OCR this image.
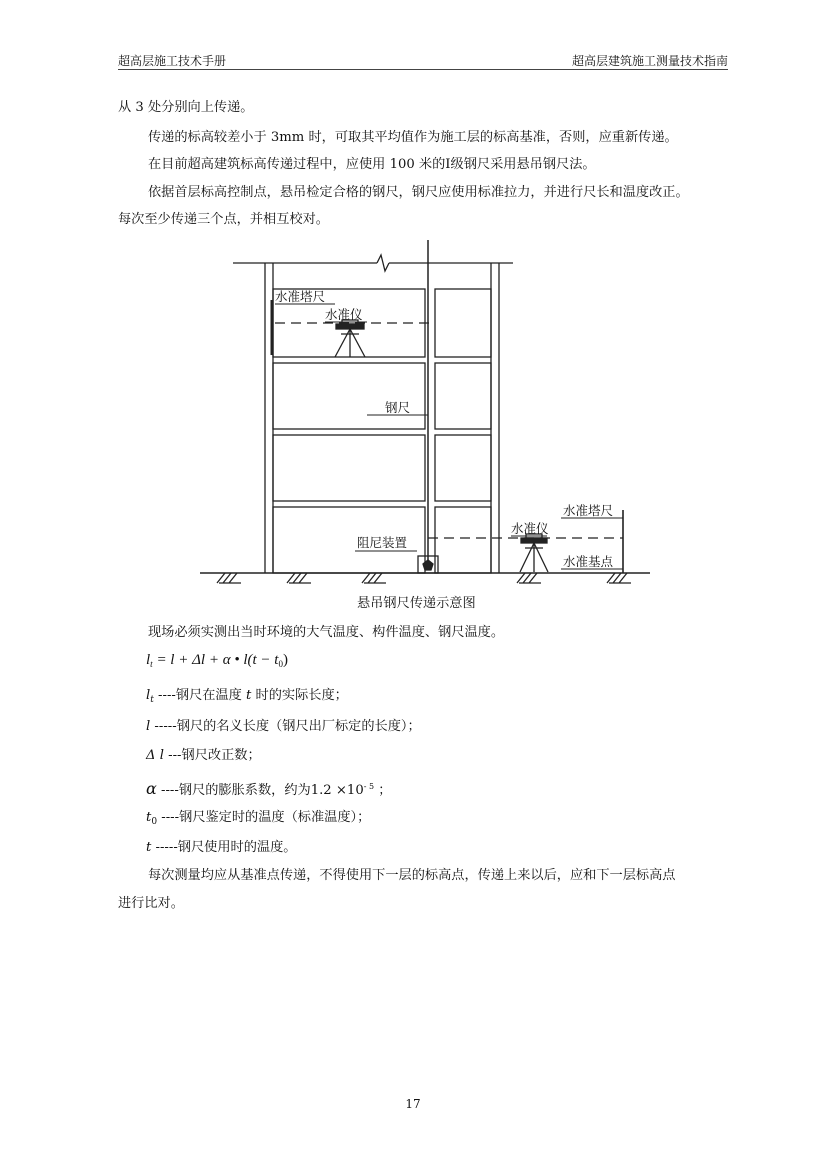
超高层施工技术手册	超高层建筑施工测量技术指南
从 3 处分别向上传递。
传递的标高较差小于 3mm 时，可取其平均值作为施工层的标高基准，否则，应重新传递。
在目前超高建筑标高传递过程中，应使用 100 米的Ⅰ级钢尺采用悬吊钢尺法。
依据首层标高控制点，悬吊检定合格的钢尺，钢尺应使用标准拉力，并进行尺长和温度改正。
每次至少传递三个点，并相互校对。
水准塔尺
水准仪
钢尺
阻尼装置
水准塔尺
水准仪
水准基点
悬吊钢尺传递示意图
现场必须实测出当时环境的大气温度、构件温度、钢尺温度。
$l_t = l + \Delta l + \alpha$ • $l(t - t_0)$
$l_t$ ----钢尺在温度 t 时的实际长度；
l -----钢尺的名义长度（钢尺出厂标定的长度）；
Δ l ---钢尺改正数；
α ----钢尺的膨胀系数，约为$1.2 \times 10^{- 5}$ ；
$t_0$ ----钢尺鉴定时的温度（标准温度）；
t -----钢尺使用时的温度。
每次测量均应从基准点传递，不得使用下一层的标高点，传递上来以后，应和下一层标高点
进行比对。
17
